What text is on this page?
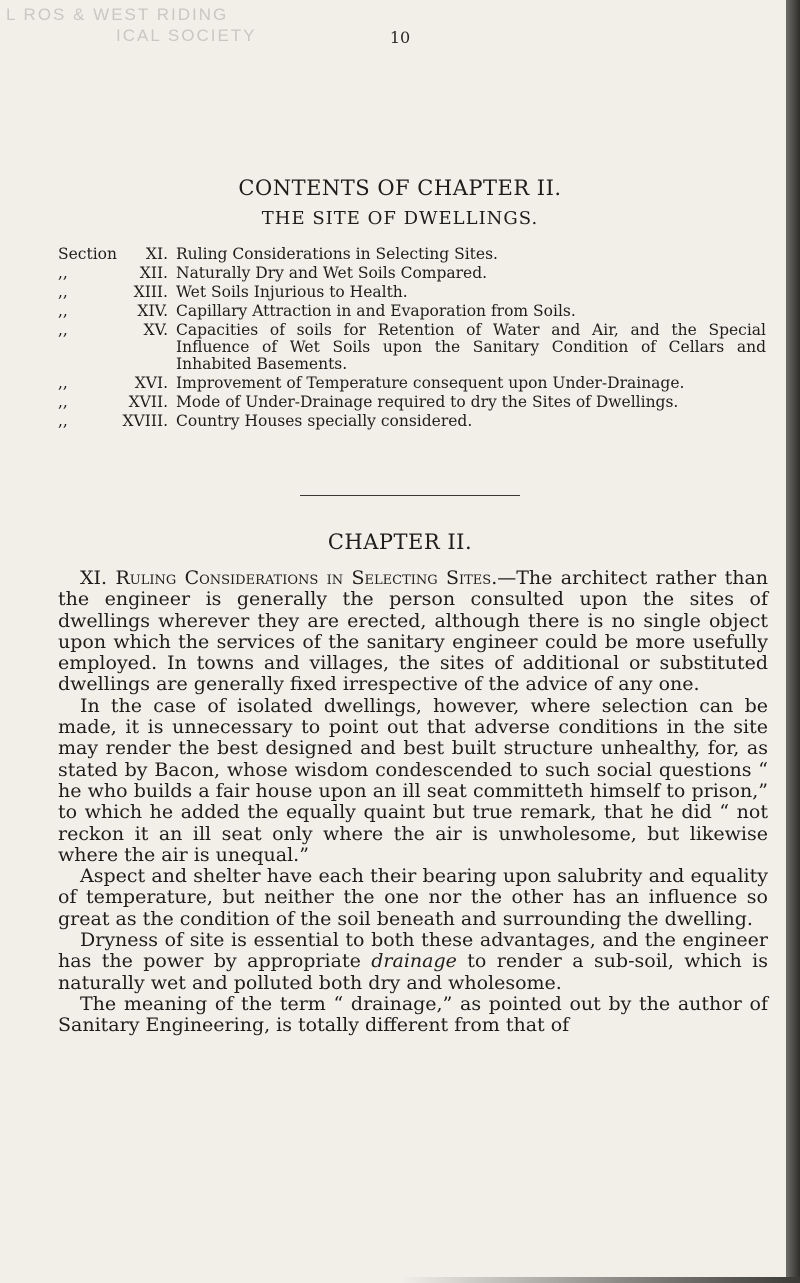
L ROS & WEST RIDING
ICAL SOCIETY	10
CONTENTS OF CHAPTER II.
THE SITE OF DWELLINGS.
Section	XI. Ruling Considerations in Selecting Sites.
,,	XII. Naturally Dry and Wet Soils Compared.
,,	XIII. Wet Soils Injurious to Health.
,,	XIV. Capillary Attraction in and Evaporation from Soils.
,,	XV. Capacities of soils for Retention of Water and Air, and the Special Influence of Wet Soils upon the Sanitary Condition of Cellars and Inhabited Basements.
,,	XVI. Improvement of Temperature consequent upon Under-Drainage.
,,	XVII. Mode of Under-Drainage required to dry the Sites of Dwellings.
,,	XVIII. Country Houses specially considered.
CHAPTER II.

XI. Ruling Considerations in Selecting Sites.—The architect rather than the engineer is generally the person consulted upon the sites of dwellings wherever they are erected, although there is no single object upon which the services of the sanitary engineer could be more usefully employed. In towns and villages, the sites of additional or substituted dwellings are generally fixed irrespective of the advice of any one.

In the case of isolated dwellings, however, where selection can be made, it is unnecessary to point out that adverse conditions in the site may render the best designed and best built structure unhealthy, for, as stated by Bacon, whose wisdom condescended to such social questions “ he who builds a fair house upon an ill seat committeth himself to prison,” to which he added the equally quaint but true remark, that he did “ not reckon it an ill seat only where the air is unwholesome, but likewise where the air is unequal.”

Aspect and shelter have each their bearing upon salubrity and equality of temperature, but neither the one nor the other has an influence so great as the condition of the soil beneath and surrounding the dwelling.

Dryness of site is essential to both these advantages, and the engineer has the power by appropriate drainage to render a sub-soil, which is naturally wet and polluted both dry and wholesome.

The meaning of the term “ drainage,” as pointed out by the author of Sanitary Engineering, is totally different from that of
